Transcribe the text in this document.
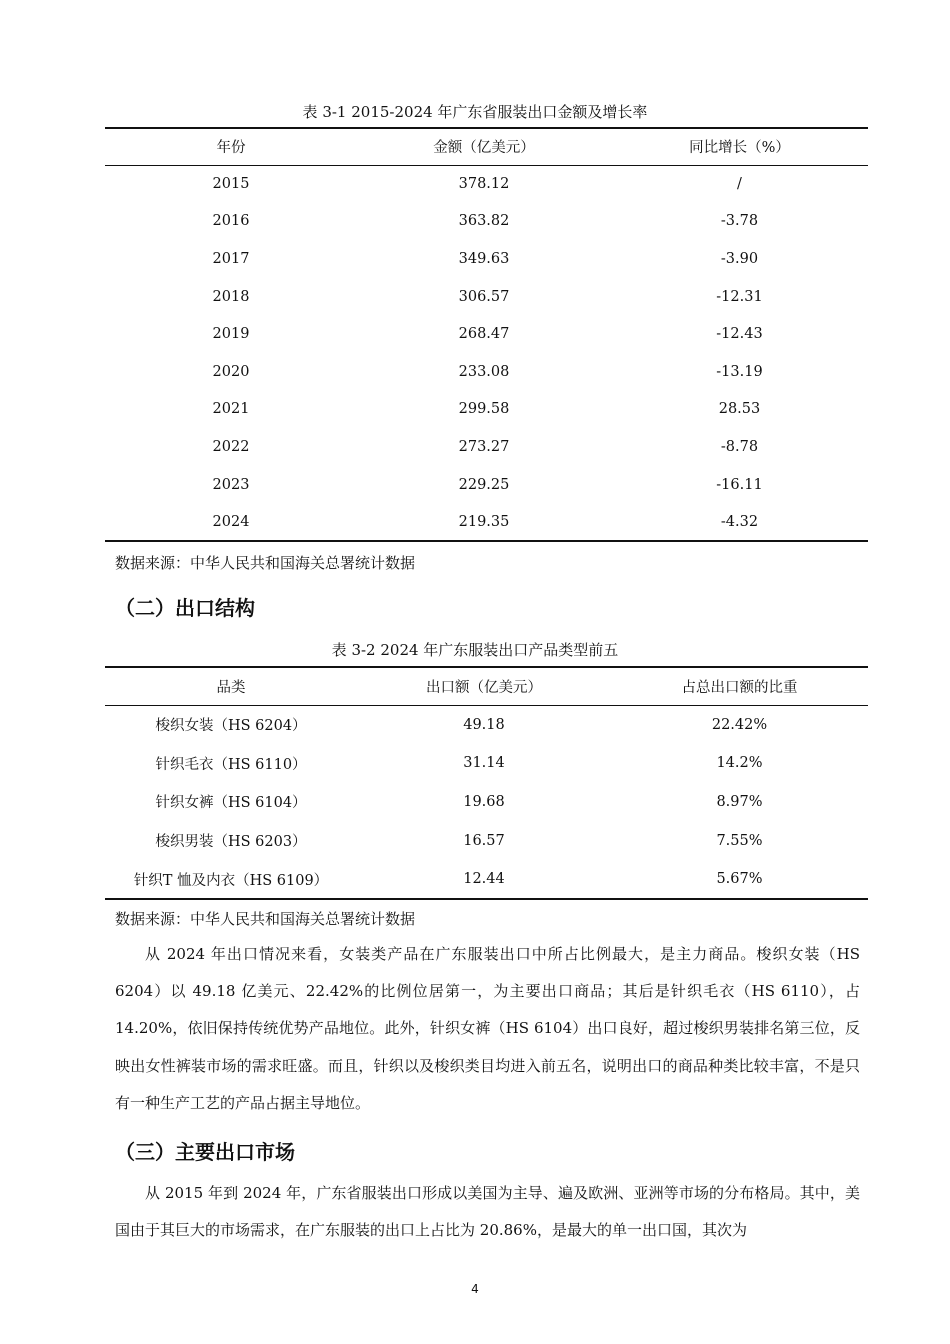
表 3-1 2015-2024 年广东省服装出口金额及增长率
年份	金额（亿美元）	同比增长（%）
2015	378.12	/
2016	363.82	-3.78
2017	349.63	-3.90
2018	306.57	-12.31
2019	268.47	-12.43
2020	233.08	-13.19
2021	299.58	28.53
2022	273.27	-8.78
2023	229.25	-16.11
2024	219.35	-4.32
数据来源：中华人民共和国海关总署统计数据
（二）出口结构
表 3-2 2024 年广东服装出口产品类型前五
品类	出口额（亿美元）	占总出口额的比重
梭织女装（HS 6204）	49.18	22.42%
针织毛衣（HS 6110）	31.14	14.2%
针织女裤（HS 6104）	19.68	8.97%
梭织男装（HS 6203）	16.57	7.55%
针织T 恤及内衣（HS 6109）	12.44	5.67%
数据来源：中华人民共和国海关总署统计数据

从 2024 年出口情况来看，女装类产品在广东服装出口中所占比例最大，是主力商品。梭织女装（HS 6204）以 49.18 亿美元、22.42%的比例位居第一，为主要出口商品；其后是针织毛衣（HS 6110），占 14.20%，依旧保持传统优势产品地位。此外，针织女裤（HS 6104）出口良好，超过梭织男装排名第三位，反映出女性裤装市场的需求旺盛。而且，针织以及梭织类目均进入前五名，说明出口的商品种类比较丰富，不是只有一种生产工艺的产品占据主导地位。

（三）主要出口市场

从 2015 年到 2024 年，广东省服装出口形成以美国为主导、遍及欧洲、亚洲等市场的分布格局。其中，美国由于其巨大的市场需求，在广东服装的出口上占比为 20.86%，是最大的单一出口国，其次为

4
